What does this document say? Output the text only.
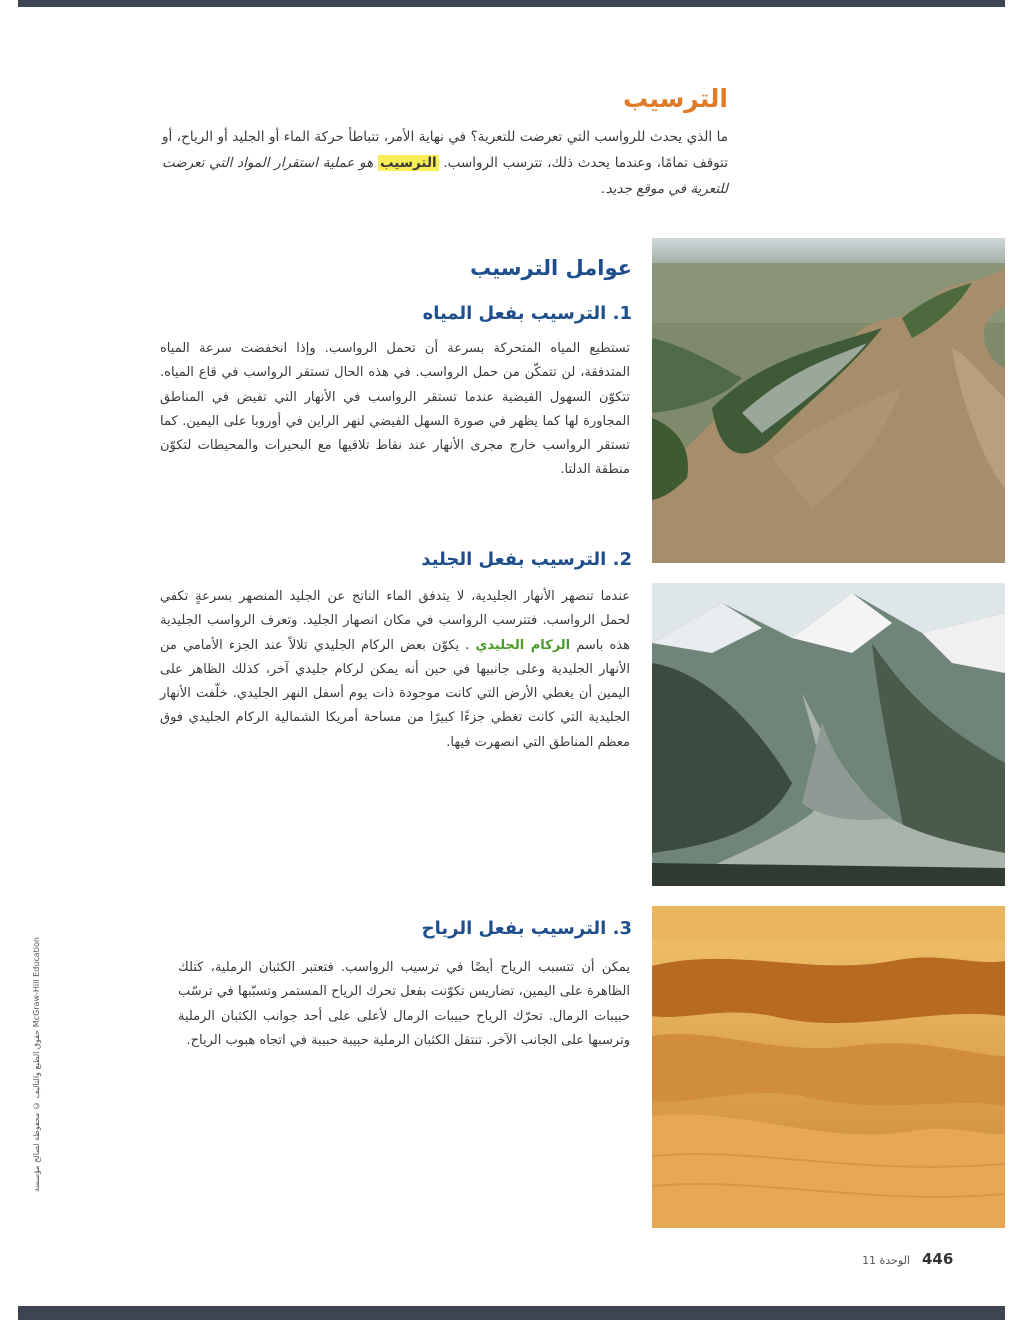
الترسيب
ما الذي يحدث للرواسب التي تعرضت للتعرية؟ في نهاية الأمر، تتباطأ حركة الماء أو الجليد أو الرياح، أو تتوقف تمامًا، وعندما يحدث ذلك، تترسب الرواسب. الترسيب هو عملية استقرار المواد التي تعرضت للتعرية في موقع جديد.
عوامل الترسيب
1. الترسيب بفعل المياه
تستطيع المياه المتحركة بسرعة أن تحمل الرواسب. وإذا انخفضت سرعة المياه المتدفقة، لن تتمكّن من حمل الرواسب. في هذه الحال تستقر الرواسب في قاع المياه. تتكوّن السهول الفيضية عندما تستقر الرواسب في الأنهار التي تفيض في المناطق المجاورة لها كما يظهر في صورة السهل الفيضي لنهر الراين في أوروبا على اليمين. كما تستقر الرواسب خارج مجرى الأنهار عند نقاط تلاقيها مع البحيرات والمحيطات لتكوّن منطقة الدلتا.
2. الترسيب بفعل الجليد
عندما تنصهر الأنهار الجليدية، لا يتدفق الماء الناتج عن الجليد المنصهر بسرعةٍ تكفي لحمل الرواسب. فتترسب الرواسب في مكان انصهار الجليد. وتعرف الرواسب الجليدية هذه باسم الركام الجليدي . يكوّن بعض الركام الجليدي تلالاً عند الجزء الأمامي من الأنهار الجليدية وعلى جانبيها في حين أنه يمكن لركام جليدي آخر، كذلك الظاهر على اليمين أن يغطي الأرض التي كانت موجودة ذات يوم أسفل النهر الجليدي. خلّفت الأنهار الجليدية التي كانت تغطي جزءًا كبيرًا من مساحة أمريكا الشمالية الركام الجليدي فوق معظم المناطق التي انصهرت فيها.
3. الترسيب بفعل الرياح
يمكن أن تتسبب الرياح أيضًا في ترسيب الرواسب. فتعتبر الكثبان الرملية، كتلك الظاهرة على اليمين، تضاريس تكوّنت بفعل تحرك الرياح المستمر وتسبّبها في ترسّب حبيبات الرمال. تحرّك الرياح حبيبات الرمال لأعلى على أحد جوانب الكثبان الرملية وترسبها على الجانب الآخر. تنتقل الكثبان الرملية حبيبة حبيبة في اتجاه هبوب الرياح.
حقوق الطبع والتأليف © محفوظة لصالح مؤسسة McGraw-Hill Education
الوحدة 11 446
